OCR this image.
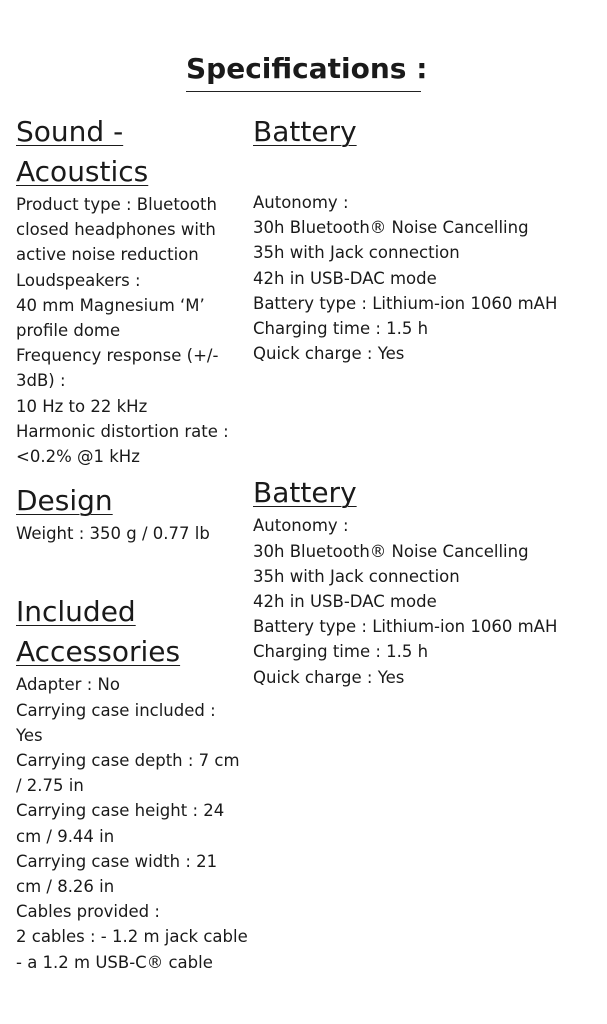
Specifications :
Sound -
Acoustics

Product type : Bluetooth

closed headphones with

active noise reduction

Loudspeakers :

40 mm Magnesium ‘M’

profile dome

Frequency response (+/-

3dB) :

10 Hz to 22 kHz

Harmonic distortion rate :

<0.2% @1 kHz

Design

Weight : 350 g / 0.77 lb

Included
Accessories

Adapter : No

Carrying case included :

Yes

Carrying case depth : 7 cm

/ 2.75 in

Carrying case height : 24

cm / 9.44 in

Carrying case width : 21

cm / 8.26 in

Cables provided :

2 cables : - 1.2 m jack cable

- a 1.2 m USB-C® cable

Battery

Autonomy :

30h Bluetooth® Noise Cancelling

35h with Jack connection

42h in USB-DAC mode

Battery type : Lithium-ion 1060 mAH

Charging time : 1.5 h

Quick charge : Yes

Battery

Autonomy :

30h Bluetooth® Noise Cancelling

35h with Jack connection

42h in USB-DAC mode

Battery type : Lithium-ion 1060 mAH

Charging time : 1.5 h

Quick charge : Yes
